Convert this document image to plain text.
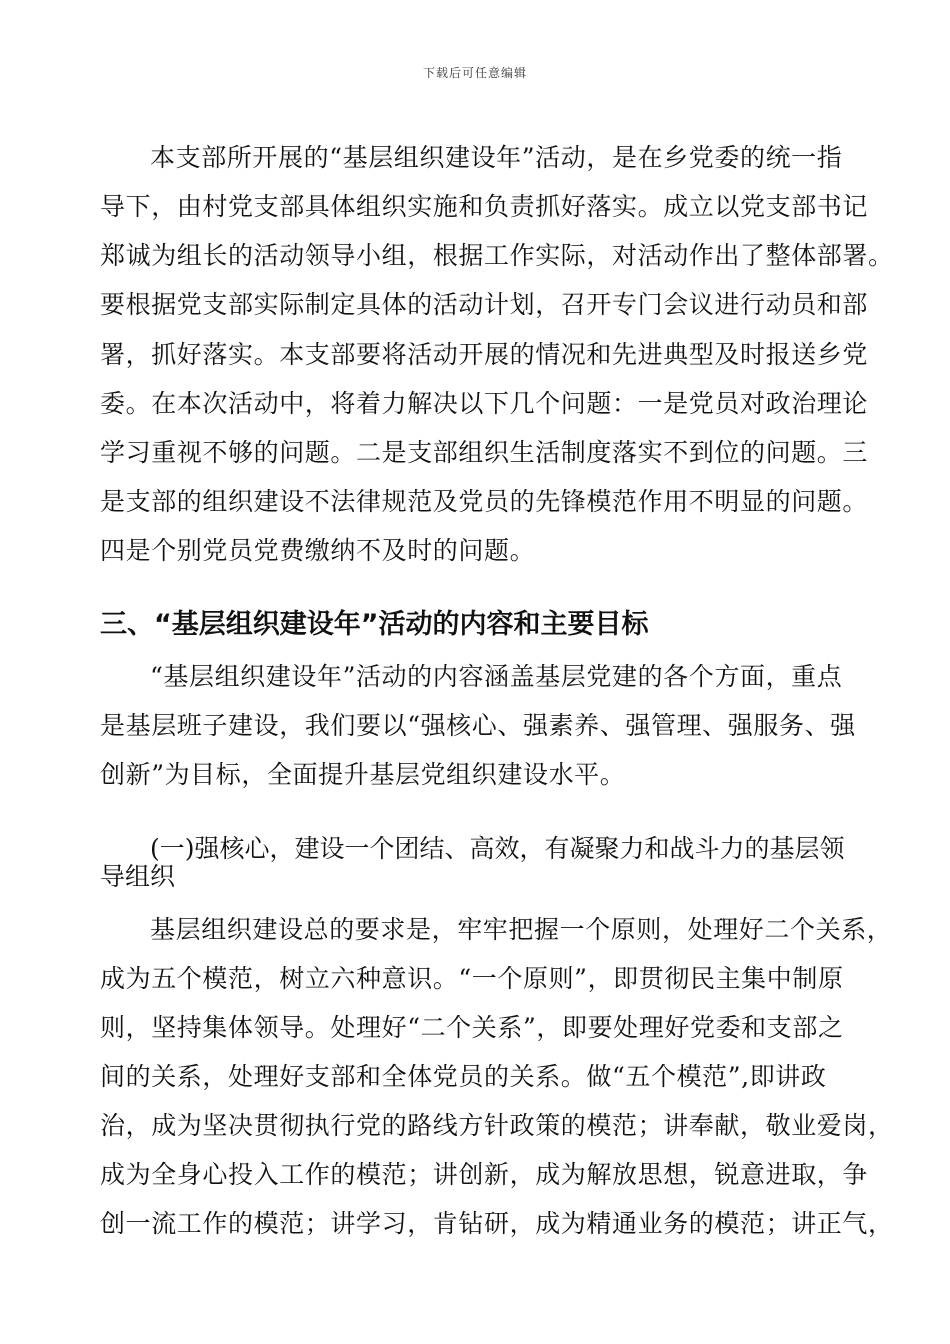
下载后可任意编辑
本支部所开展的“基层组织建设年”活动，是在乡党委的统一指
导下，由村党支部具体组织实施和负责抓好落实。成立以党支部书记
郑诚为组长的活动领导小组，根据工作实际，对活动作出了整体部署。
要根据党支部实际制定具体的活动计划，召开专门会议进行动员和部
署，抓好落实。本支部要将活动开展的情况和先进典型及时报送乡党
委。在本次活动中，将着力解决以下几个问题：一是党员对政治理论
学习重视不够的问题。二是支部组织生活制度落实不到位的问题。三
是支部的组织建设不法律规范及党员的先锋模范作用不明显的问题。
四是个别党员党费缴纳不及时的问题。
三、“基层组织建设年”活动的内容和主要目标
“基层组织建设年”活动的内容涵盖基层党建的各个方面，重点
是基层班子建设，我们要以“强核心、强素养、强管理、强服务、强
创新”为目标，全面提升基层党组织建设水平。
(一)强核心，建设一个团结、高效，有凝聚力和战斗力的基层领
导组织
基层组织建设总的要求是，牢牢把握一个原则，处理好二个关系，
成为五个模范，树立六种意识。“一个原则”，即贯彻民主集中制原
则，坚持集体领导。处理好“二个关系”，即要处理好党委和支部之
间的关系，处理好支部和全体党员的关系。做“五个模范”,即讲政
治，成为坚决贯彻执行党的路线方针政策的模范；讲奉献，敬业爱岗，
成为全身心投入工作的模范；讲创新，成为解放思想，锐意进取，争
创一流工作的模范；讲学习，肯钻研，成为精通业务的模范；讲正气，
